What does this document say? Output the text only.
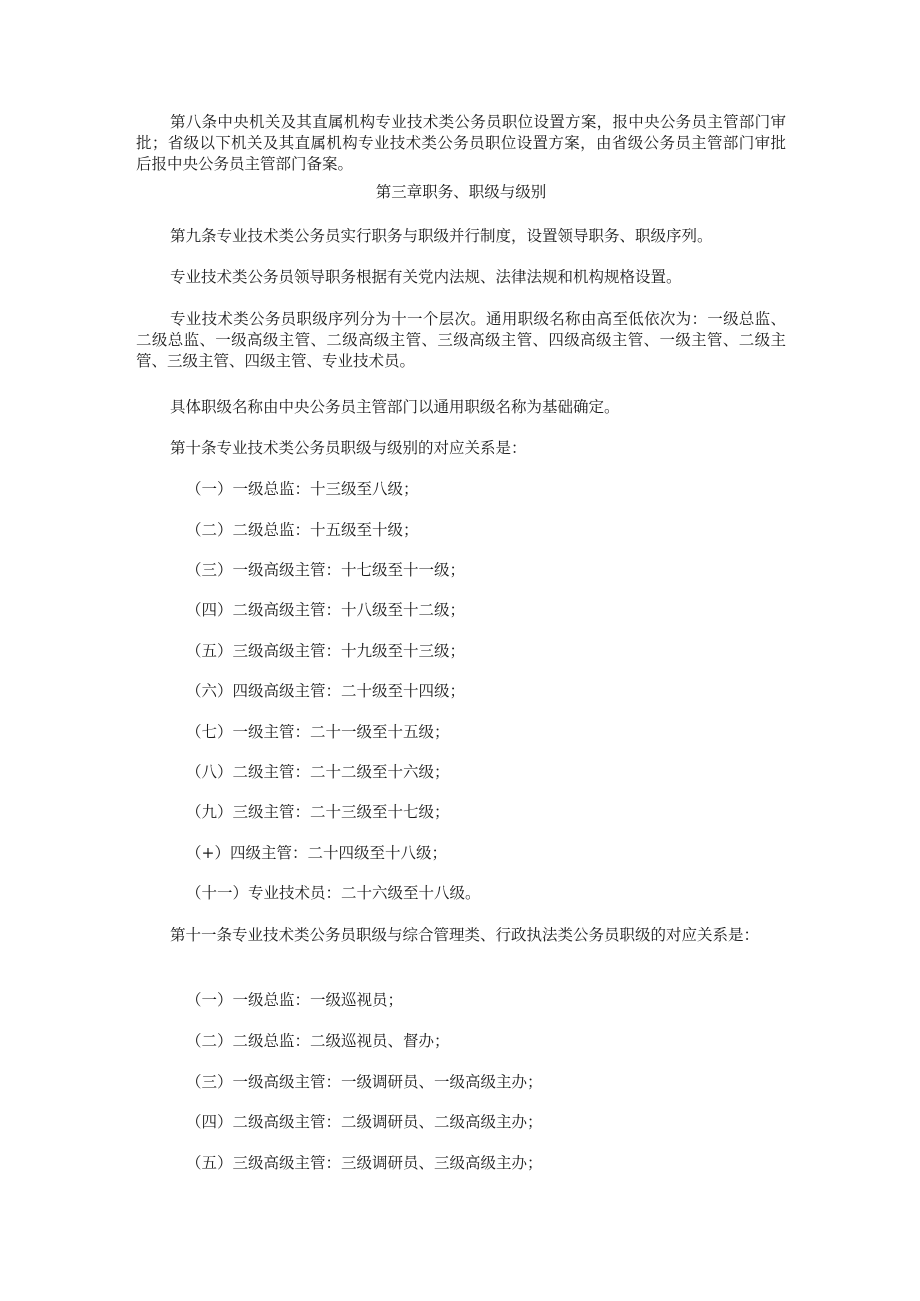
第八条中央机关及其直属机构专业技术类公务员职位设置方案，报中央公务员主管部门审批；省级以下机关及其直属机构专业技术类公务员职位设置方案，由省级公务员主管部门审批后报中央公务员主管部门备案。

第三章职务、职级与级别

第九条专业技术类公务员实行职务与职级并行制度，设置领导职务、职级序列。

专业技术类公务员领导职务根据有关党内法规、法律法规和机构规格设置。

专业技术类公务员职级序列分为十一个层次。通用职级名称由高至低依次为：一级总监、二级总监、一级高级主管、二级高级主管、三级高级主管、四级高级主管、一级主管、二级主管、三级主管、四级主管、专业技术员。

具体职级名称由中央公务员主管部门以通用职级名称为基础确定。

第十条专业技术类公务员职级与级别的对应关系是：

（一）一级总监：十三级至八级；

（二）二级总监：十五级至十级；

（三）一级高级主管：十七级至十一级；

（四）二级高级主管：十八级至十二级；

（五）三级高级主管：十九级至十三级；

（六）四级高级主管：二十级至十四级；

（七）一级主管：二十一级至十五级；

（八）二级主管：二十二级至十六级；

（九）三级主管：二十三级至十七级；

（+）四级主管：二十四级至十八级；

（十一）专业技术员：二十六级至十八级。

第十一条专业技术类公务员职级与综合管理类、行政执法类公务员职级的对应关系是：

（一）一级总监：一级巡视员；

（二）二级总监：二级巡视员、督办；

（三）一级高级主管：一级调研员、一级高级主办；

（四）二级高级主管：二级调研员、二级高级主办；

（五）三级高级主管：三级调研员、三级高级主办；
